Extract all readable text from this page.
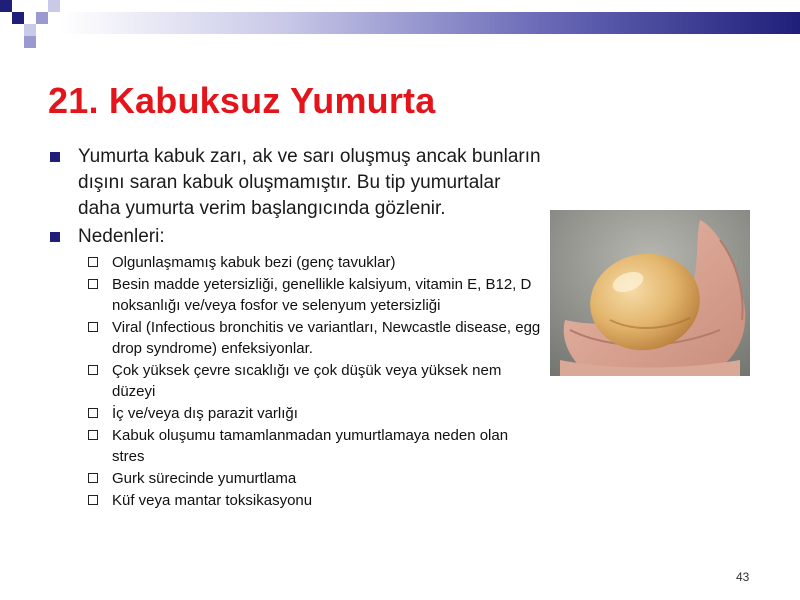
21. Kabuksuz Yumurta
Yumurta kabuk zarı, ak ve sarı oluşmuş ancak bunların dışını saran kabuk oluşmamıştır. Bu tip yumurtalar daha yumurta verim başlangıcında gözlenir.
Nedenleri:
Olgunlaşmamış kabuk bezi (genç tavuklar)
Besin madde yetersizliği, genellikle kalsiyum, vitamin E, B12, D noksanlığı ve/veya fosfor ve selenyum yetersizliği
Viral (Infectious bronchitis ve variantları, Newcastle disease, egg drop syndrome) enfeksiyonlar.
Çok yüksek çevre sıcaklığı ve çok düşük veya yüksek nem düzeyi
İç ve/veya dış parazit varlığı
Kabuk oluşumu tamamlanmadan yumurtlamaya neden olan stres
Gurk sürecinde yumurtlama
Küf veya mantar toksikasyonu
43
